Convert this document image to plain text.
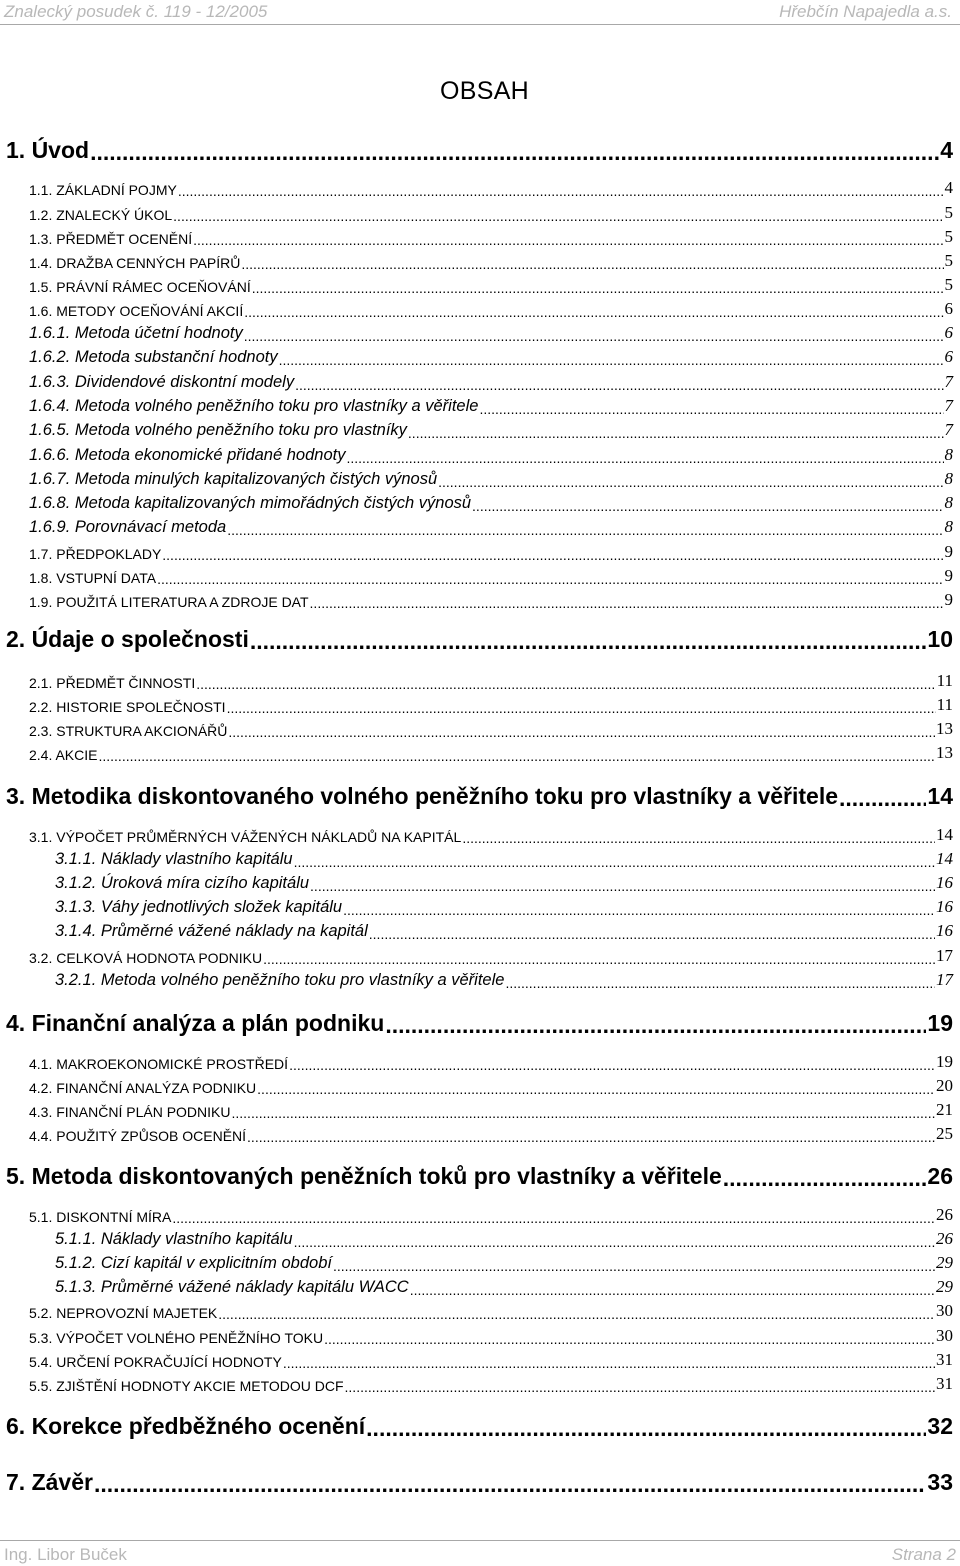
Znalecký posudek č. 119 - 12/2005	Hřebčín Napajedla a.s.
OBSAH
1. Úvod .....	4
1.1. ZÁKLADNÍ POJMY .....	4
1.2. ZNALECKÝ ÚKOL .....	5
1.3. PŘEDMĚT OCENĚNÍ .....	5
1.4. DRAŽBA CENNÝCH PAPÍRŮ .....	5
1.5. PRÁVNÍ RÁMEC OCEŇOVÁNÍ .....	5
1.6. METODY OCEŇOVÁNÍ AKCIÍ .....	6
1.6.1. Metoda účetní hodnoty .....	6
1.6.2. Metoda substanční hodnoty .....	6
1.6.3. Dividendové diskontní modely .....	7
1.6.4. Metoda volného peněžního toku pro vlastníky a věřitele .....	7
1.6.5. Metoda volného peněžního toku pro vlastníky .....	7
1.6.6. Metoda ekonomické přidané hodnoty .....	8
1.6.7. Metoda minulých kapitalizovaných čistých výnosů .....	8
1.6.8. Metoda kapitalizovaných mimořádných čistých výnosů .....	8
1.6.9. Porovnávací metoda .....	8
1.7. PŘEDPOKLADY .....	9
1.8. VSTUPNÍ DATA .....	9
1.9. POUŽITÁ LITERATURA A ZDROJE DAT .....	9
2. Údaje o společnosti .....	10
2.1. PŘEDMĚT ČINNOSTI .....	11
2.2. HISTORIE SPOLEČNOSTI .....	11
2.3. STRUKTURA AKCIONÁŘŮ .....	13
2.4. AKCIE .....	13
3. Metodika diskontovaného volného peněžního toku pro vlastníky a věřitele .....	14
3.1. VÝPOČET PRŮMĚRNÝCH VÁŽENÝCH NÁKLADŮ NA KAPITÁL .....	14
3.1.1. Náklady vlastního kapitálu .....	14
3.1.2. Úroková míra cizího kapitálu .....	16
3.1.3. Váhy jednotlivých složek kapitálu .....	16
3.1.4. Průměrné vážené náklady na kapitál .....	16
3.2. CELKOVÁ HODNOTA PODNIKU .....	17
3.2.1. Metoda volného peněžního toku pro vlastníky a věřitele .....	17
4. Finanční analýza a plán podniku .....	19
4.1. MAKROEKONOMICKÉ PROSTŘEDÍ .....	19
4.2. FINANČNÍ ANALÝZA PODNIKU .....	20
4.3. FINANČNÍ PLÁN PODNIKU .....	21
4.4. POUŽITÝ ZPŮSOB OCENĚNÍ .....	25
5. Metoda diskontovaných peněžních toků pro vlastníky a věřitele .....	26
5.1. DISKONTNÍ MÍRA .....	26
5.1.1. Náklady vlastního kapitálu .....	26
5.1.2. Cizí kapitál v explicitním období .....	29
5.1.3. Průměrné vážené náklady kapitálu WACC .....	29
5.2. NEPROVOZNÍ MAJETEK .....	30
5.3. VÝPOČET VOLNÉHO PENĚŽNÍHO TOKU .....	30
5.4. URČENÍ POKRAČUJÍCÍ HODNOTY .....	31
5.5. ZJIŠTĚNÍ HODNOTY AKCIE METODOU DCF .....	31
6. Korekce předběžného ocenění .....	32
7. Závěr .....	33
Ing. Libor Buček	Strana 2
